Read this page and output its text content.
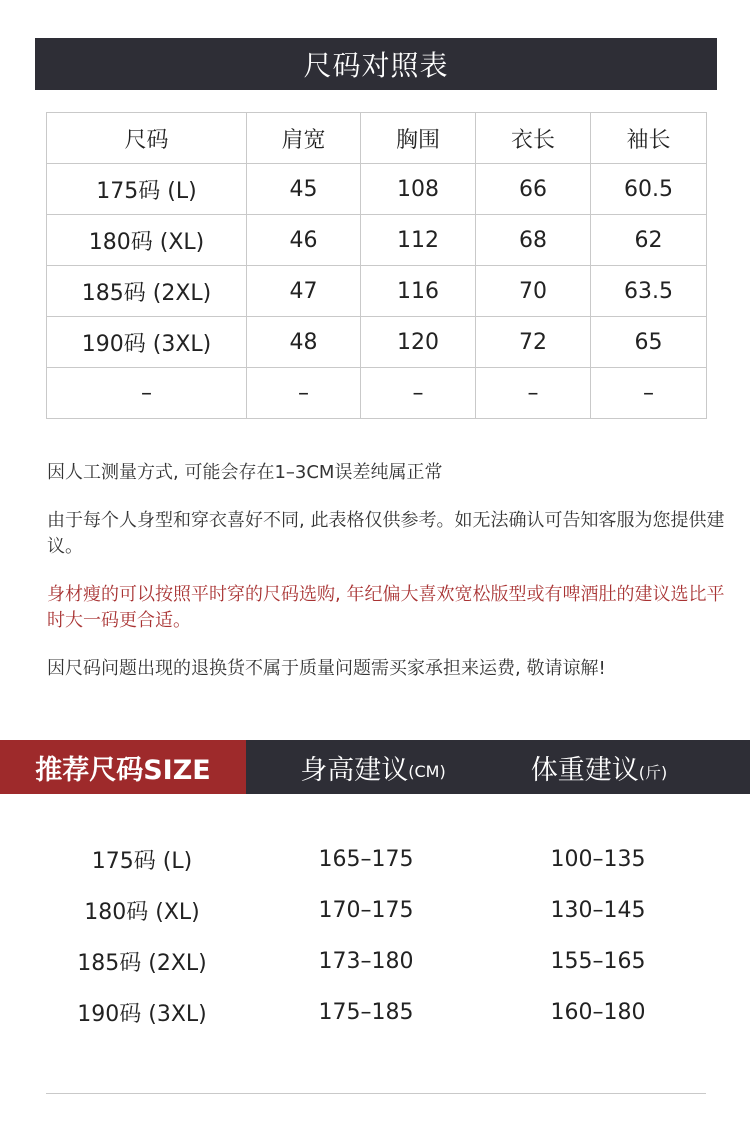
尺码对照表
尺码	肩宽	胸围	衣长	袖长
175码 (L)	45	108	66	60.5
180码 (XL)	46	112	68	62
185码 (2XL)	47	116	70	63.5
190码 (3XL)	48	120	72	65
–	–	–	–	–

因人工测量方式, 可能会存在1–3CM误差纯属正常

由于每个人身型和穿衣喜好不同, 此表格仅供参考。如无法确认可告知客服为您提供建议。

身材瘦的可以按照平时穿的尺码选购, 年纪偏大喜欢宽松版型或有啤酒肚的建议选比平时大一码更合适。

因尺码问题出现的退换货不属于质量问题需买家承担来运费, 敬请谅解!

推荐尺码SIZE	身高建议 (CM)	体重建议 (斤)
175码 (L)	165–175	100–135
180码 (XL)	170–175	130–145
185码 (2XL)	173–180	155–165
190码 (3XL)	175–185	160–180
